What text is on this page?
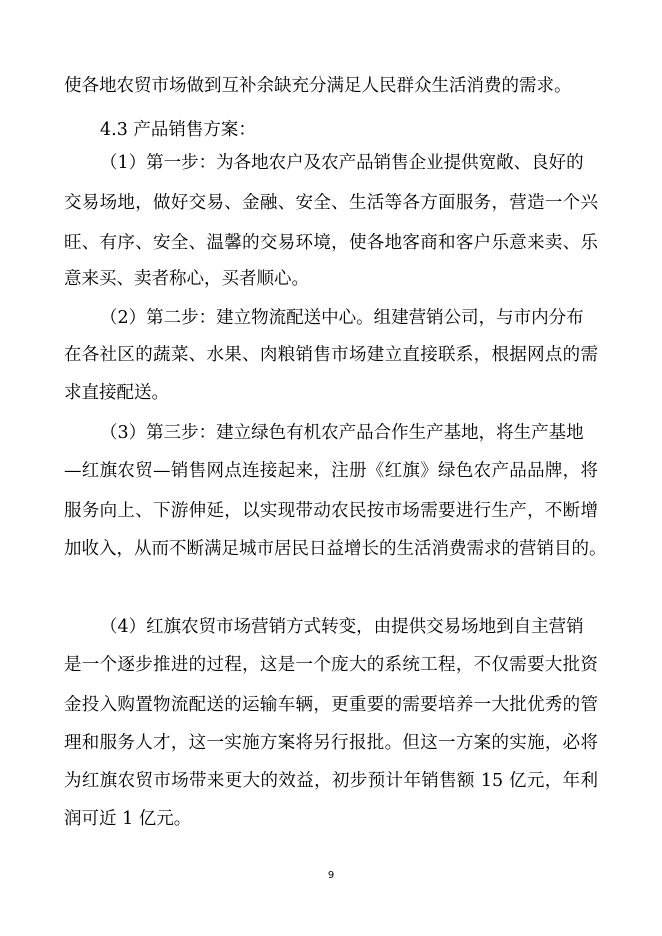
使各地农贸市场做到互补余缺充分满足人民群众生活消费的需求。
4.3 产品销售方案：
（1）第一步：为各地农户及农产品销售企业提供宽敞、良好的
交易场地，做好交易、金融、安全、生活等各方面服务，营造一个兴
旺、有序、安全、温馨的交易环境，使各地客商和客户乐意来卖、乐
意来买、卖者称心，买者顺心。
（2）第二步：建立物流配送中心。组建营销公司，与市内分布
在各社区的蔬菜、水果、肉粮销售市场建立直接联系，根据网点的需
求直接配送。
（3）第三步：建立绿色有机农产品合作生产基地，将生产基地
—红旗农贸—销售网点连接起来，注册《红旗》绿色农产品品牌，将
服务向上、下游伸延，以实现带动农民按市场需要进行生产，不断增
加收入，从而不断满足城市居民日益增长的生活消费需求的营销目的。
（4）红旗农贸市场营销方式转变，由提供交易场地到自主营销
是一个逐步推进的过程，这是一个庞大的系统工程，不仅需要大批资
金投入购置物流配送的运输车辆，更重要的需要培养一大批优秀的管
理和服务人才，这一实施方案将另行报批。但这一方案的实施，必将
为红旗农贸市场带来更大的效益，初步预计年销售额 15 亿元，年利
润可近 1 亿元。
9
